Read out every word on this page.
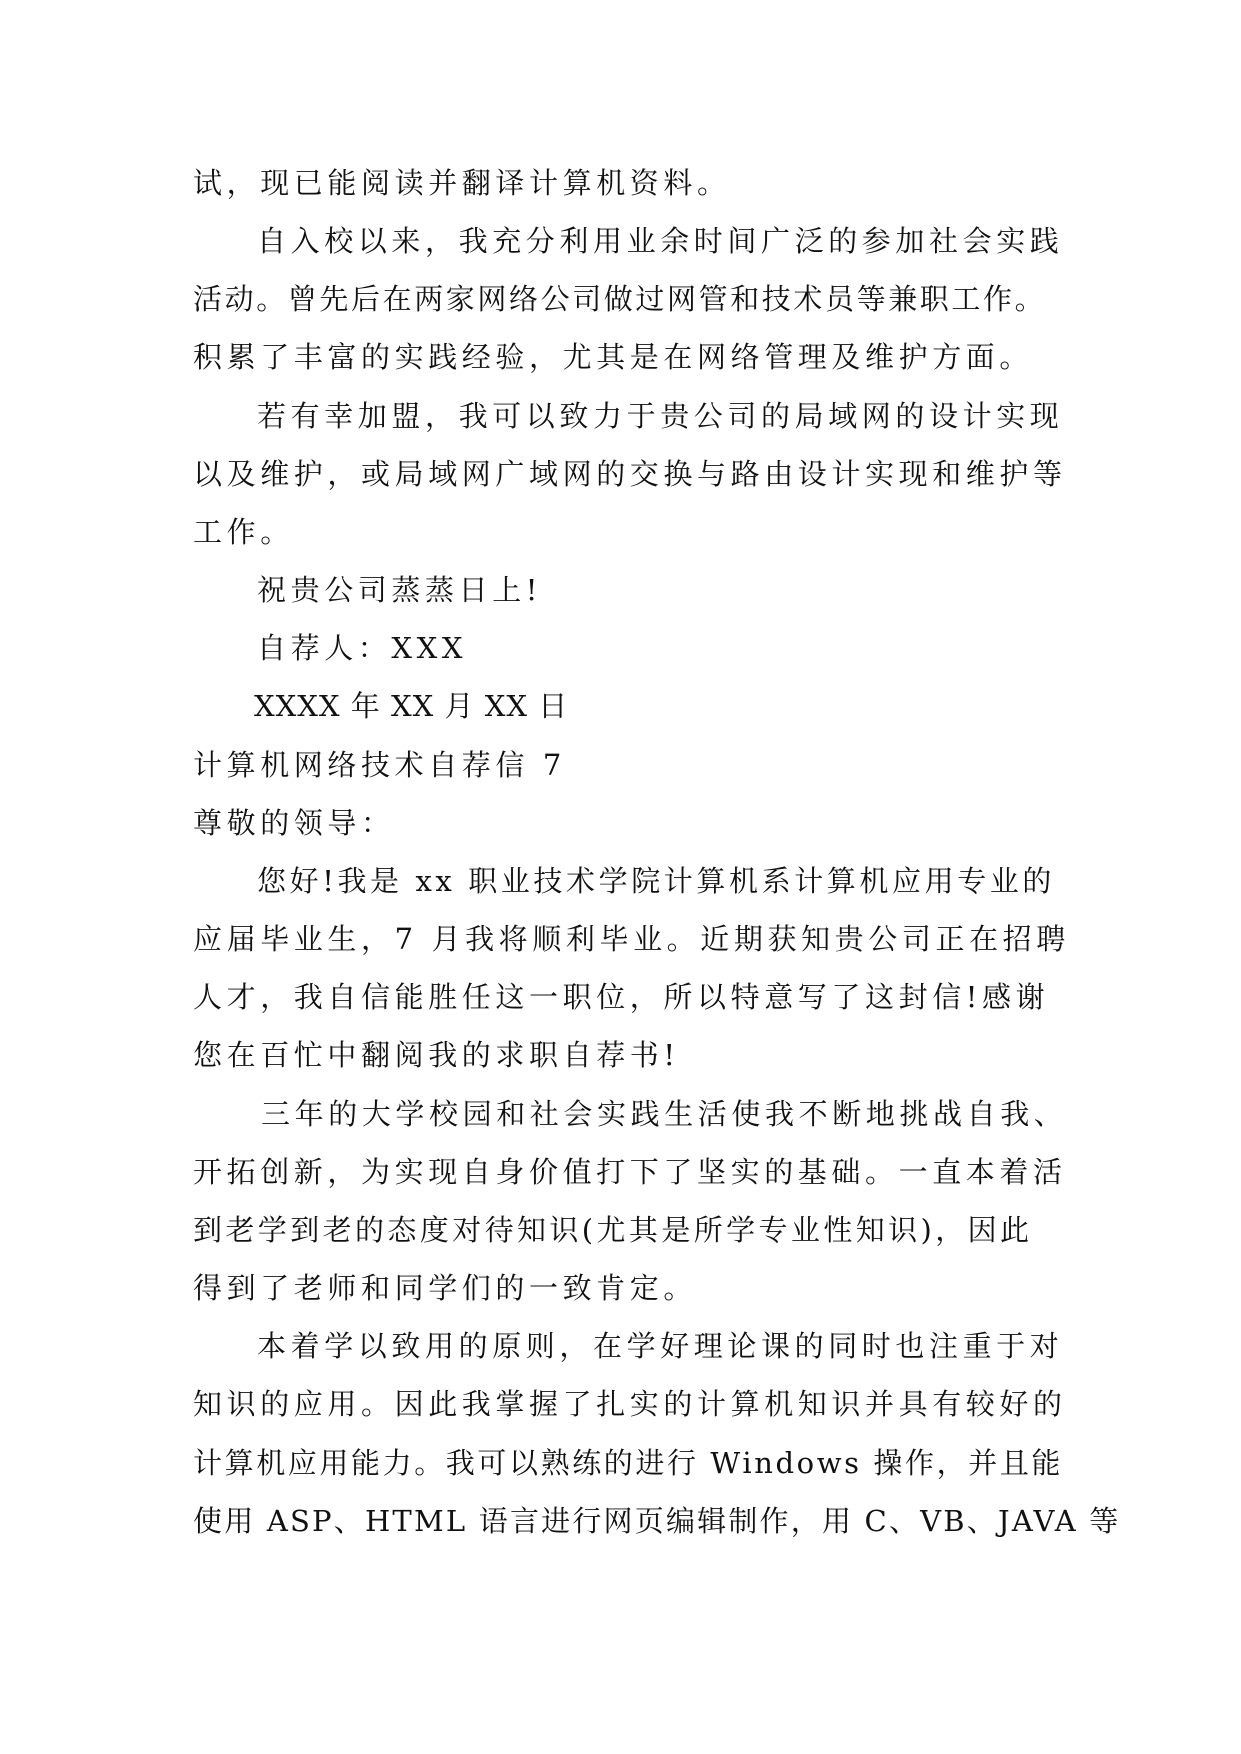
试，现已能阅读并翻译计算机资料。
自入校以来，我充分利用业余时间广泛的参加社会实践
活动。曾先后在两家网络公司做过网管和技术员等兼职工作。
积累了丰富的实践经验，尤其是在网络管理及维护方面。
若有幸加盟，我可以致力于贵公司的局域网的设计实现
以及维护，或局域网广域网的交换与路由设计实现和维护等
工作。
祝贵公司蒸蒸日上!
自荐人：XXX
XXXX 年 XX 月 XX 日
计算机网络技术自荐信 7
尊敬的领导：
您好!我是 xx 职业技术学院计算机系计算机应用专业的
应届毕业生，7 月我将顺利毕业。近期获知贵公司正在招聘
人才，我自信能胜任这一职位，所以特意写了这封信!感谢
您在百忙中翻阅我的求职自荐书!
三年的大学校园和社会实践生活使我不断地挑战自我、
开拓创新，为实现自身价值打下了坚实的基础。一直本着活
到老学到老的态度对待知识(尤其是所学专业性知识)，因此
得到了老师和同学们的一致肯定。
本着学以致用的原则，在学好理论课的同时也注重于对
知识的应用。因此我掌握了扎实的计算机知识并具有较好的
计算机应用能力。我可以熟练的进行 Windows 操作，并且能
使用 ASP、HTML 语言进行网页编辑制作，用 C、VB、JAVA 等
